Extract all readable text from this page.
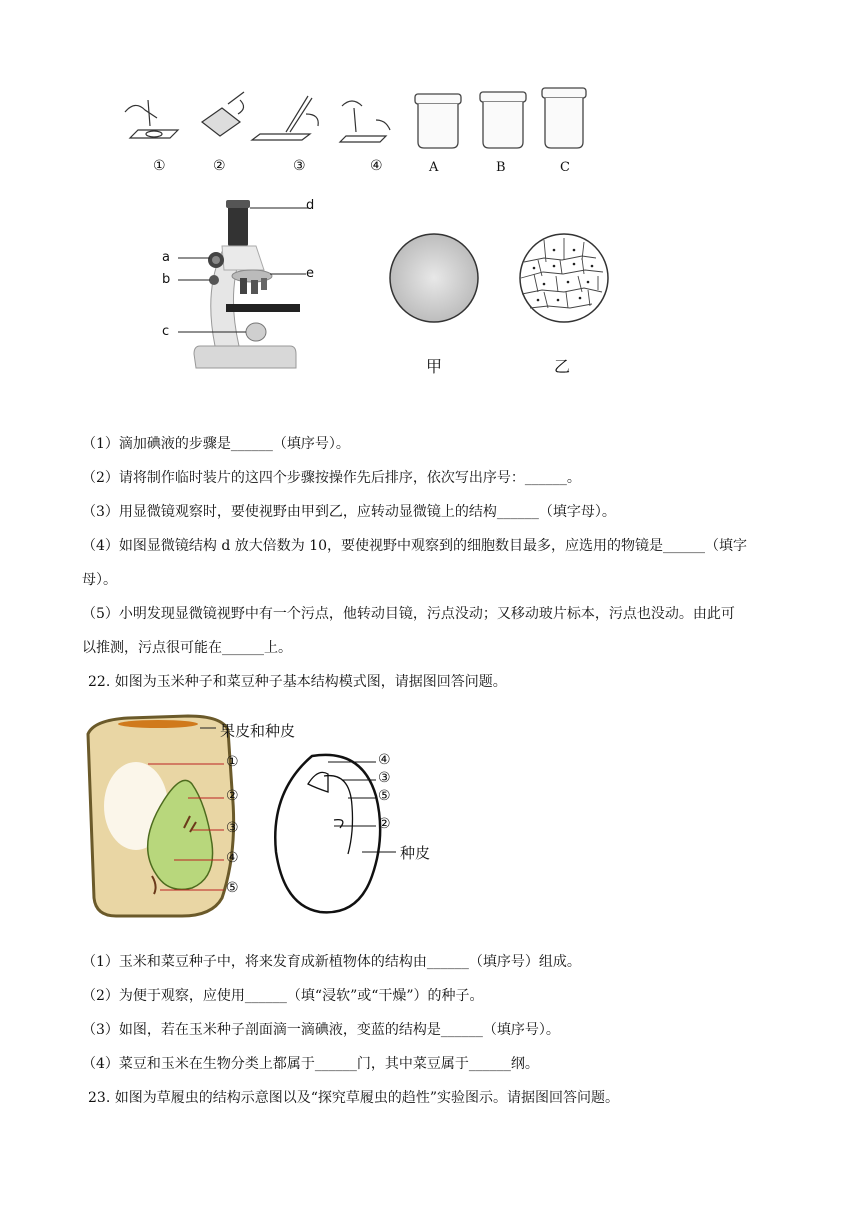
①	②	③	④	A	B	C
d
a
b	e
c
甲	乙
（1）滴加碘液的步骤是______（填序号）。
（2）请将制作临时装片的这四个步骤按操作先后排序，依次写出序号：______。
（3）用显微镜观察时，要使视野由甲到乙，应转动显微镜上的结构______（填字母）。
（4）如图显微镜结构 d 放大倍数为 10，要使视野中观察到的细胞数目最多，应选用的物镜是______（填字
母）。
（5）小明发现显微镜视野中有一个污点，他转动目镜，污点没动；又移动玻片标本，污点也没动。由此可
以推测，污点很可能在______上。
22. 如图为玉米种子和菜豆种子基本结构模式图，请据图回答问题。
果皮和种皮
①
②
③
④
⑤
④
③
⑤
②
种皮
（1）玉米和菜豆种子中，将来发育成新植物体的结构由______（填序号）组成。
（2）为便于观察，应使用______（填“浸软”或“干燥”）的种子。
（3）如图，若在玉米种子剖面滴一滴碘液，变蓝的结构是______（填序号）。
（4）菜豆和玉米在生物分类上都属于______门，其中菜豆属于______纲。
23. 如图为草履虫的结构示意图以及“探究草履虫的趋性”实验图示。请据图回答问题。
